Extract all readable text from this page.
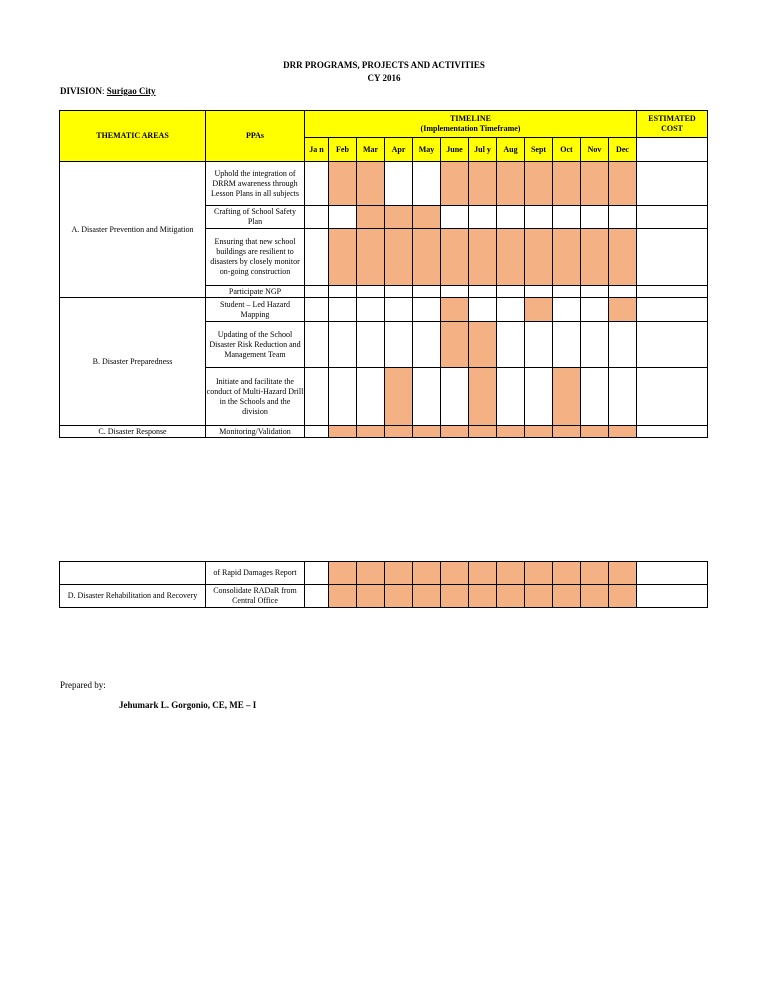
DRR PROGRAMS, PROJECTS AND ACTIVITIES
CY 2016
DIVISION: Surigao City
THEMATIC AREAS	PPAs	TIMELINE
(Implementation Timeframe)												ESTIMATED COST
		Ja n	Feb	Mar	Apr	May	June	Jul y	Aug	Sept	Oct	Nov	Dec	
A. Disaster Prevention and Mitigation	Uphold the integration of DRRM awareness through Lesson Plans in all subjects													
	Crafting of School Safety Plan													
	Ensuring that new school buildings are resilient to disasters by closely monitor on-going construction													
	Participate NGP													
B. Disaster Preparedness	Student – Led Hazard Mapping													
	Updating of the School Disaster Risk Reduction and Management Team													
	Initiate and facilitate the conduct of Multi-Hazard Drill in the Schools and the division													
C. Disaster Response	Monitoring/Validation													
	of Rapid Damages Report													
D. Disaster Rehabilitation and Recovery	Consolidate RADaR from Central Office													
Prepared by:
Jehumark L. Gorgonio, CE, ME – I
